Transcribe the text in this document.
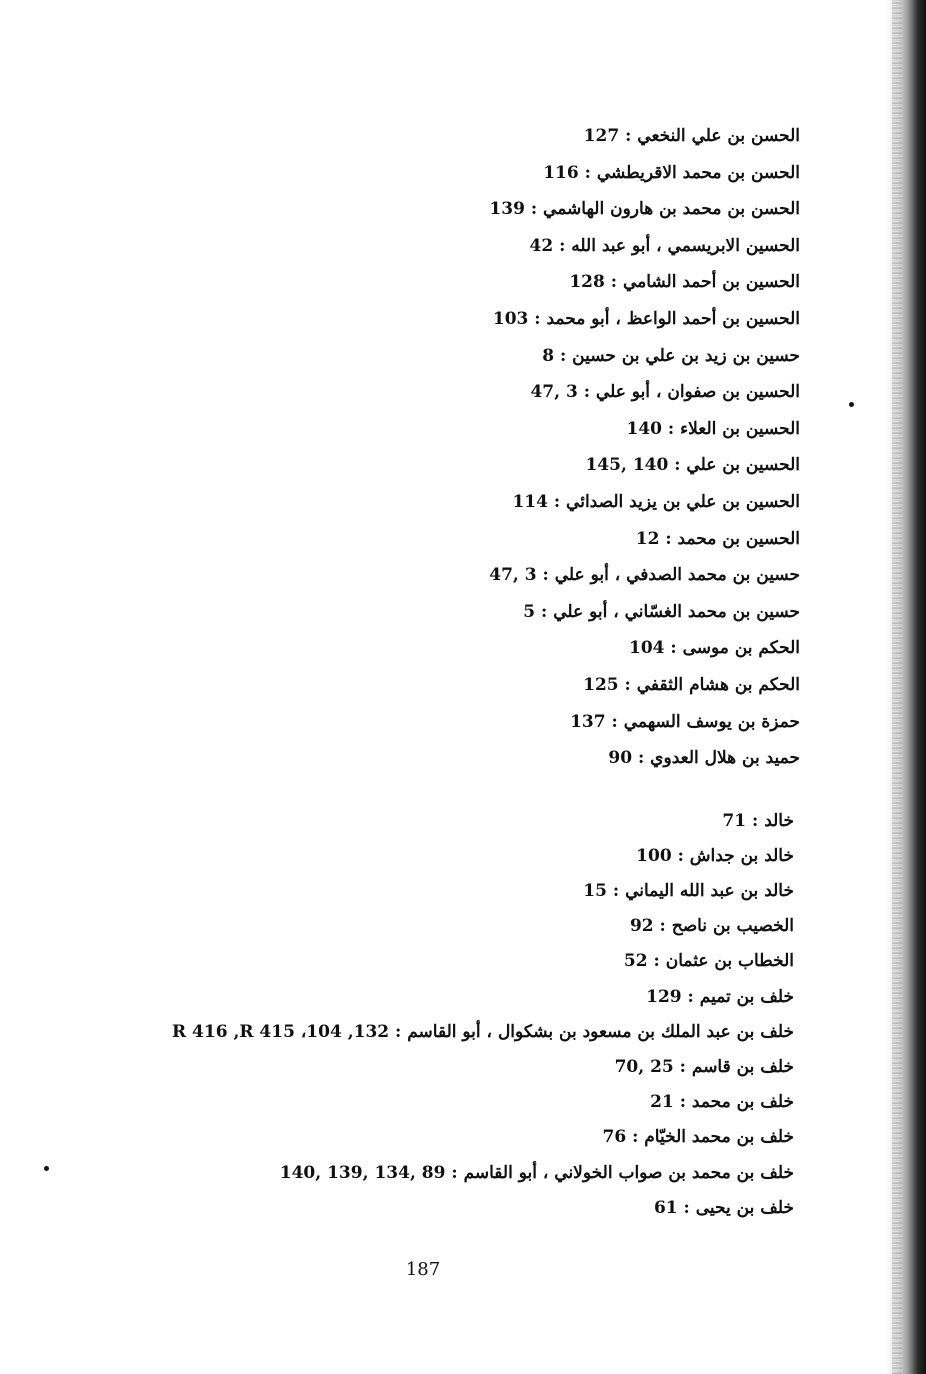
الحسن بن علي النخعي : 127
الحسن بن محمد الاقريطشي : 116
الحسن بن محمد بن هارون الهاشمي : 139
الحسين الابريسمي ، أبو عبد الله : 42
الحسين بن أحمد الشامي : 128
الحسين بن أحمد الواعظ ، أبو محمد : 103
حسين بن زيد بن علي بن حسين : 8
الحسين بن صفوان ، أبو علي : 3 ,47
الحسين بن العلاء : 140
الحسين بن علي : 140 ,145
الحسين بن علي بن يزيد الصدائي : 114
الحسين بن محمد : 12
حسين بن محمد الصدفي ، أبو علي : 3 ,47
حسين بن محمد الغسّاني ، أبو علي : 5
الحكم بن موسى : 104
الحكم بن هشام الثقفي : 125
حمزة بن يوسف السهمي : 137
حميد بن هلال العدوي : 90
خالد : 71
خالد بن جداش : 100
خالد بن عبد الله اليماني : 15
الخصيب بن ناصح : 92
الخطاب بن عثمان : 52
خلف بن تميم : 129
خلف بن عبد الملك بن مسعود بن بشكوال ، أبو القاسم : R 416 ,R 415 ،104 ,132
خلف بن قاسم : 25 ,70
خلف بن محمد : 21
خلف بن محمد الخيّام : 76
خلف بن محمد بن صواب الخولاني ، أبو القاسم : 89 ,134 ,139 ,140
خلف بن يحيى : 61
187
